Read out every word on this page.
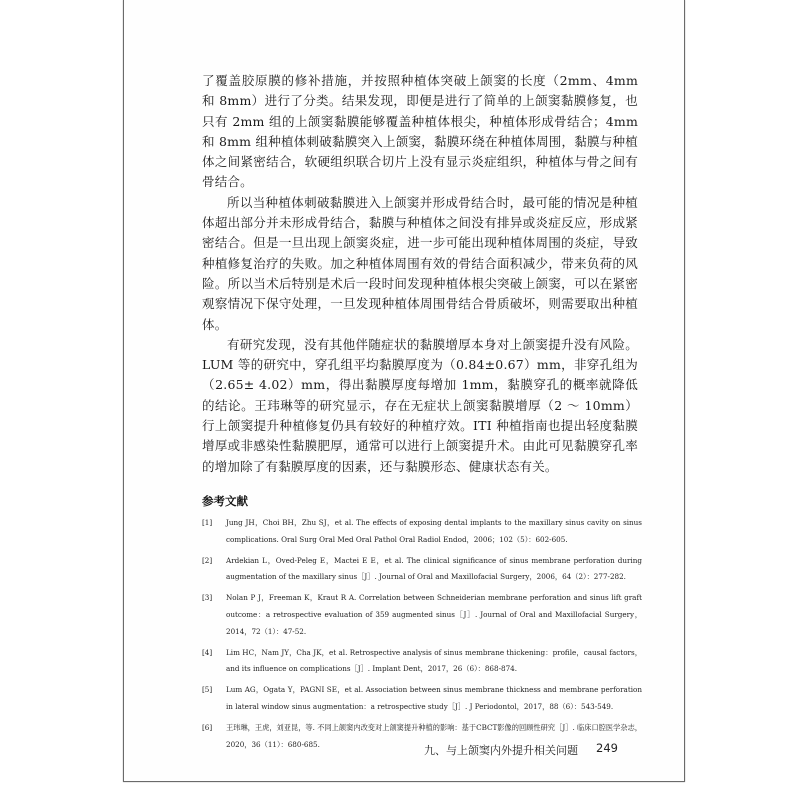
了覆盖胶原膜的修补措施，并按照种植体突破上颌窦的长度（2mm、4mm 和 8mm）进行了分类。结果发现，即便是进行了简单的上颌窦黏膜修复，也只有 2mm 组的上颌窦黏膜能够覆盖种植体根尖，种植体形成骨结合；4mm 和 8mm 组种植体刺破黏膜突入上颌窦，黏膜环绕在种植体周围，黏膜与种植体之间紧密结合，软硬组织联合切片上没有显示炎症组织，种植体与骨之间有骨结合。

所以当种植体刺破黏膜进入上颌窦并形成骨结合时，最可能的情况是种植体超出部分并未形成骨结合，黏膜与种植体之间没有排异或炎症反应，形成紧密结合。但是一旦出现上颌窦炎症，进一步可能出现种植体周围的炎症，导致种植修复治疗的失败。加之种植体周围有效的骨结合面积减少，带来负荷的风险。所以当术后特别是术后一段时间发现种植体根尖突破上颌窦，可以在紧密观察情况下保守处理，一旦发现种植体周围骨结合骨质破坏，则需要取出种植体。

有研究发现，没有其他伴随症状的黏膜增厚本身对上颌窦提升没有风险。LUM 等的研究中，穿孔组平均黏膜厚度为（0.84±0.67）mm，非穿孔组为（2.65± 4.02）mm，得出黏膜厚度每增加 1mm，黏膜穿孔的概率就降低的结论。王玮琳等的研究显示，存在无症状上颌窦黏膜增厚（2 ～ 10mm）行上颌窦提升种植修复仍具有较好的种植疗效。ITI 种植指南也提出轻度黏膜增厚或非感染性黏膜肥厚，通常可以进行上颌窦提升术。由此可见黏膜穿孔率的增加除了有黏膜厚度的因素，还与黏膜形态、健康状态有关。

参考文献
[1]	Jung JH，Choi BH，Zhu SJ，et al. The effects of exposing dental implants to the maxillary sinus cavity on sinus complications. Oral Surg Oral Med Oral Pathol Oral Radiol Endod，2006；102（5）：602-605.
[2]	Ardekian L，Oved-Peleg E，Mactei E E，et al. The clinical significance of sinus membrane perforation during augmentation of the maxillary sinus［J］. Journal of Oral and Maxillofacial Surgery，2006，64（2）：277-282.
[3]	Nolan P J，Freeman K，Kraut R A. Correlation between Schneiderian membrane perforation and sinus lift graft outcome：a retrospective evaluation of 359 augmented sinus［J］. Journal of Oral and Maxillofacial Surgery，2014，72（1）：47-52.
[4]	Lim HC，Nam JY，Cha JK，et al. Retrospective analysis of sinus membrane thickening：profile，causal factors，and its influence on complications［J］. Implant Dent，2017，26（6）：868-874.
[5]	Lum AG，Ogata Y，PAGNI SE，et al. Association between sinus membrane thickness and membrane perforation in lateral window sinus augmentation：a retrospective study［J］. J Periodontol，2017，88（6）：543-549.
[6]	王玮琳，王虎，刘亚昆，等. 不同上颌窦内改变对上颌窦提升种植的影响：基于CBCT影像的回顾性研究［J］. 临床口腔医学杂志，2020，36（11）：680-685.	九、与上颌窦内外提升相关问题 249
